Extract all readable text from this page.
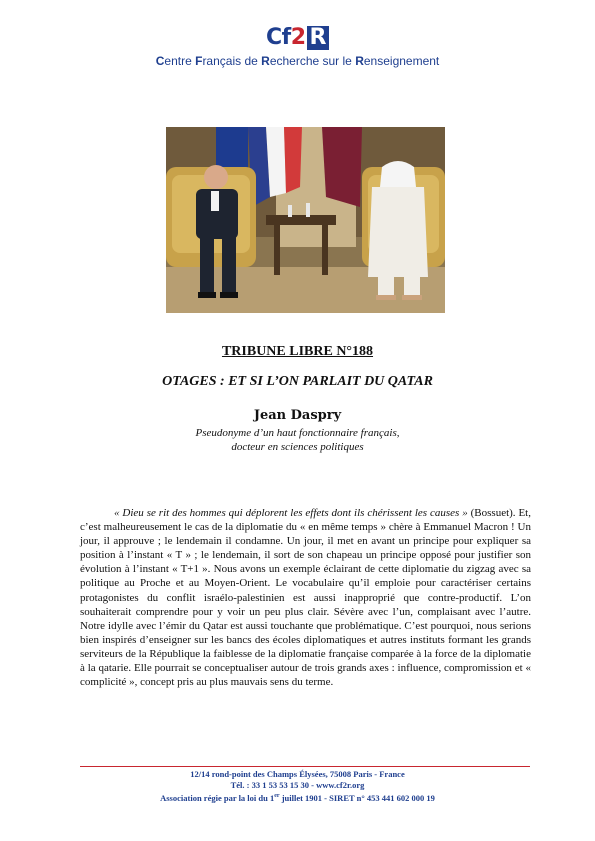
Cf2 R
Centre Français de Recherche sur le Renseignement
TRIBUNE LIBRE N°188
OTAGES : ET SI L’ON PARLAIT DU QATAR
Jean Daspry
Pseudonyme d’un haut fonctionnaire français,
docteur en sciences politiques
« Dieu se rit des hommes qui déplorent les effets dont ils chérissent les causes » (Bossuet). Et, c’est malheureusement le cas de la diplomatie du « en même temps » chère à Emmanuel Macron ! Un jour, il approuve ; le lendemain il condamne. Un jour, il met en avant un principe pour expliquer sa position à l’instant « T » ; le lendemain, il sort de son chapeau un principe opposé pour justifier son évolution à l’instant « T+1 ». Nous avons un exemple éclairant de cette diplomatie du zigzag avec sa politique au Proche et au Moyen-Orient. Le vocabulaire qu’il emploie pour caractériser certains protagonistes du conflit israélo-palestinien est aussi inapproprié que contre-productif. L’on souhaiterait comprendre pour y voir un peu plus clair. Sévère avec l’un, complaisant avec l’autre. Notre idylle avec l’émir du Qatar est aussi touchante que problématique. C’est pourquoi, nous serions bien inspirés d’enseigner sur les bancs des écoles diplomatiques et autres instituts formant les grands serviteurs de la République la faiblesse de la diplomatie française comparée à la force de la diplomatie à la qatarie. Elle pourrait se conceptualiser autour de trois grands axes : influence, compromission et « complicité », concept pris au plus mauvais sens du terme.
12/14 rond-point des Champs Élysées, 75008 Paris - France
Tél. : 33 1 53 53 15 30 - www.cf2r.org
Association régie par la loi du 1er juillet 1901 - SIRET n° 453 441 602 000 19
